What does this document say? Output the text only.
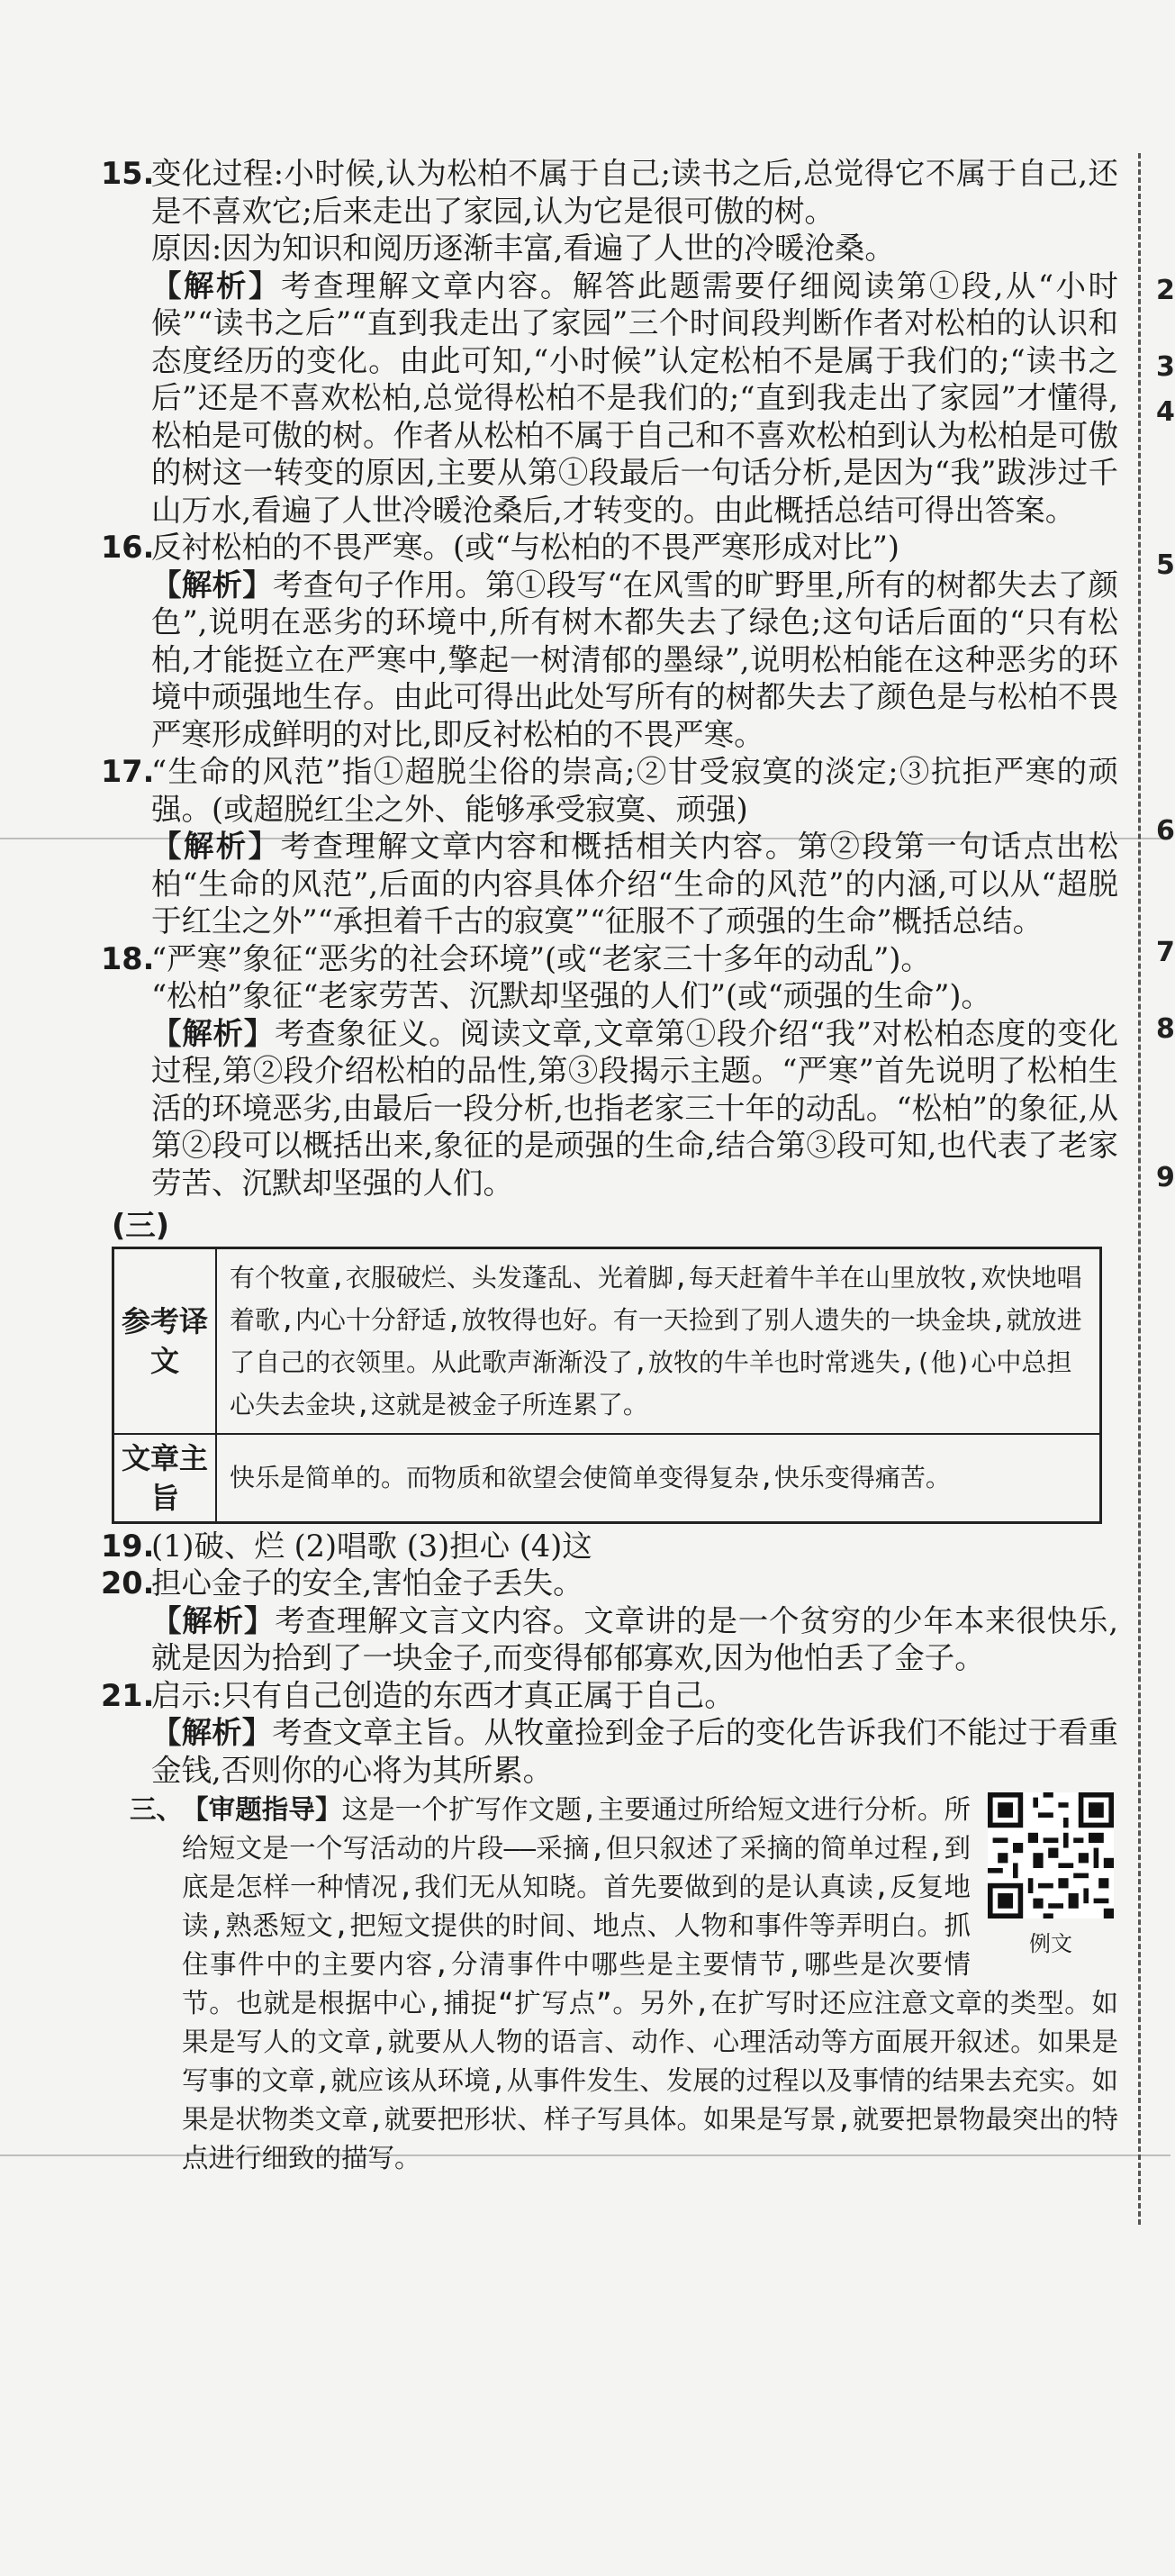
15.

变化过程:小时候,认为松柏不属于自己;读书之后,总觉得它不属于自己,还是不喜欢它;后来走出了家园,认为它是很可傲的树。

原因:因为知识和阅历逐渐丰富,看遍了人世的冷暖沧桑。

【解析】考查理解文章内容。解答此题需要仔细阅读第①段,从“小时候”“读书之后”“直到我走出了家园”三个时间段判断作者对松柏的认识和态度经历的变化。由此可知,“小时候”认定松柏不是属于我们的;“读书之后”还是不喜欢松柏,总觉得松柏不是我们的;“直到我走出了家园”才懂得,松柏是可傲的树。作者从松柏不属于自己和不喜欢松柏到认为松柏是可傲的树这一转变的原因,主要从第①段最后一句话分析,是因为“我”跋涉过千山万水,看遍了人世冷暖沧桑后,才转变的。由此概括总结可得出答案。

16.

反衬松柏的不畏严寒。(或“与松柏的不畏严寒形成对比”)

【解析】考查句子作用。第①段写“在风雪的旷野里,所有的树都失去了颜色”,说明在恶劣的环境中,所有树木都失去了绿色;这句话后面的“只有松柏,才能挺立在严寒中,擎起一树清郁的墨绿”,说明松柏能在这种恶劣的环境中顽强地生存。由此可得出此处写所有的树都失去了颜色是与松柏不畏严寒形成鲜明的对比,即反衬松柏的不畏严寒。

17.

“生命的风范”指①超脱尘俗的崇高;②甘受寂寞的淡定;③抗拒严寒的顽强。(或超脱红尘之外、能够承受寂寞、顽强)

【解析】考查理解文章内容和概括相关内容。第②段第一句话点出松柏“生命的风范”,后面的内容具体介绍“生命的风范”的内涵,可以从“超脱于红尘之外”“承担着千古的寂寞”“征服不了顽强的生命”概括总结。

18.

“严寒”象征“恶劣的社会环境”(或“老家三十多年的动乱”)。

“松柏”象征“老家劳苦、沉默却坚强的人们”(或“顽强的生命”)。

【解析】考查象征义。阅读文章,文章第①段介绍“我”对松柏态度的变化过程,第②段介绍松柏的品性,第③段揭示主题。“严寒”首先说明了松柏生活的环境恶劣,由最后一段分析,也指老家三十年的动乱。“松柏”的象征,从第②段可以概括出来,象征的是顽强的生命,结合第③段可知,也代表了老家劳苦、沉默却坚强的人们。

(三)
参考译文	有个牧童,衣服破烂、头发蓬乱、光着脚,每天赶着牛羊在山里放牧,欢快地唱着歌,内心十分舒适,放牧得也好。有一天捡到了别人遗失的一块金块,就放进了自己的衣领里。从此歌声渐渐没了,放牧的牛羊也时常逃失,(他)心中总担心失去金块,这就是被金子所连累了。
文章主旨	快乐是简单的。而物质和欲望会使简单变得复杂,快乐变得痛苦。
19.

(1)破、烂 (2)唱歌 (3)担心 (4)这

20.

担心金子的安全,害怕金子丢失。

【解析】考查理解文言文内容。文章讲的是一个贫穷的少年本来很快乐,就是因为拾到了一块金子,而变得郁郁寡欢,因为他怕丢了金子。

21.

启示:只有自己创造的东西才真正属于自己。

【解析】考查文章主旨。从牧童捡到金子后的变化告诉我们不能过于看重金钱,否则你的心将为其所累。

三、
例文

【审题指导】这是一个扩写作文题,主要通过所给短文进行分析。所给短文是一个写活动的片段——采摘,但只叙述了采摘的简单过程,到底是怎样一种情况,我们无从知晓。首先要做到的是认真读,反复地读,熟悉短文,把短文提供的时间、地点、人物和事件等弄明白。抓住事件中的主要内容,分清事件中哪些是主要情节,哪些是次要情节。也就是根据中心,捕捉“扩写点”。另外,在扩写时还应注意文章的类型。如果是写人的文章,就要从人物的语言、动作、心理活动等方面展开叙述。如果是写事的文章,就应该从环境,从事件发生、发展的过程以及事情的结果去充实。如果是状物类文章,就要把形状、样子写具体。如果是写景,就要把景物最突出的特点进行细致的描写。

2
3
4
5
6
7
8
9
